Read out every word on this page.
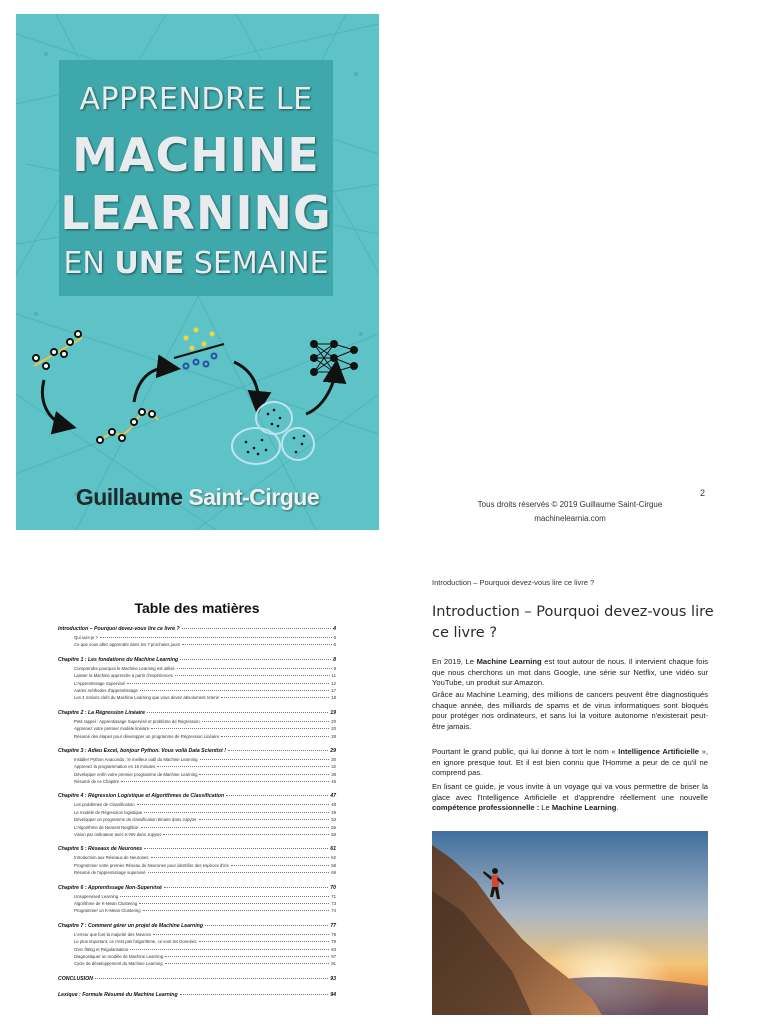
APPRENDRE LE
MACHINE
LEARNING
EN UNE SEMAINE
Guillaume Saint-Cirgue	2
Tous droits réservés © 2019 Guillaume Saint-Cirgue
machinelearnia.com
Table des matières
Introduction – Pourquoi devez-vous lire ce livre ?	4
Qui suis-je ?	6
Ce que vous allez apprendre dans les 7 prochains jours	6
Chapitre 1 : Les fondations du Machine Learning	8
Comprendre pourquoi le Machine Learning est utilisé	9
Laisser la Machine apprendre à partir d'expériences	11
L'Apprentissage Supervisé	12
Autres méthodes d'apprentissage	17
Les 4 notions clefs du Machine Learning que vous devez absolument retenir	18
Chapitre 2 : La Régression Linéaire	19
Petit rappel : Apprentissage Supervisé et problème de Régression	20
Apprenez votre premier modèle linéaire	20
Résumé des étapes pour développer un programme de Régression Linéaire	28
Chapitre 3 : Adieu Excel, bonjour Python. Vous voilà Data Scientist !	29
Installer Python Anaconda : le meilleur outil du Machine Learning	30
Apprenez la programmation en 15 minutes	32
Développer enfin votre premier programme de Machine Learning	38
Résumé de ce Chapitre	46
Chapitre 4 : Régression Logistique et Algorithmes de Classification	47
Les problèmes de Classification	48
Le modèle de Régression logistique	49
Développer un programme de classification binaire dans Jupyter	53
L'Algorithme de Nearest Neighbor	55
Vision par ordinateur avec K-NN dans Jupyter	58
Chapitre 5 : Réseaux de Neurones	61
Introduction aux Réseaux de Neurones	62
Programmer votre premier Réseau de Neurones pour identifier des espèces d'iris	68
Résumé de l'apprentissage supervisé	69
Chapitre 6 : Apprentissage Non-Supervisé	70
Unsupervised Learning	71
Algorithme de K-Mean Clustering	73
Programmer un K-Mean Clustering	74
Chapitre 7 : Comment gérer un projet de Machine Learning	77
L'erreur que font la majorité des Novices	78
Le plus important, ce n'est pas l'algorithme, ce sont les Données	79
Over fitting et Régularisation	83
Diagnostiquer un modèle de Machine Learning	87
Cycle de développement du Machine Learning	91
CONCLUSION	93
Lexique : Formule Résumé du Machine Learning	94
Introduction – Pourquoi devez-vous lire ce livre ?
Introduction – Pourquoi devez-vous lire ce livre ?
En 2019, Le Machine Learning est tout autour de nous. Il intervient chaque fois que nous cherchons un mot dans Google, une série sur Netflix, une vidéo sur YouTube, un produit sur Amazon.
Grâce au Machine Learning, des millions de cancers peuvent être diagnostiqués chaque année, des milliards de spams et de virus informatiques sont bloqués pour protéger nos ordinateurs, et sans lui la voiture autonome n'existerait peut-être jamais.
Pourtant le grand public, qui lui donne à tort le nom « Intelligence Artificielle », en ignore presque tout. Et il est bien connu que l'Homme a peur de ce qu'il ne comprend pas.
En lisant ce guide, je vous invite à un voyage qui va vous permettre de briser la glace avec l'Intelligence Artificielle et d'apprendre réellement une nouvelle compétence professionnelle : Le Machine Learning.
